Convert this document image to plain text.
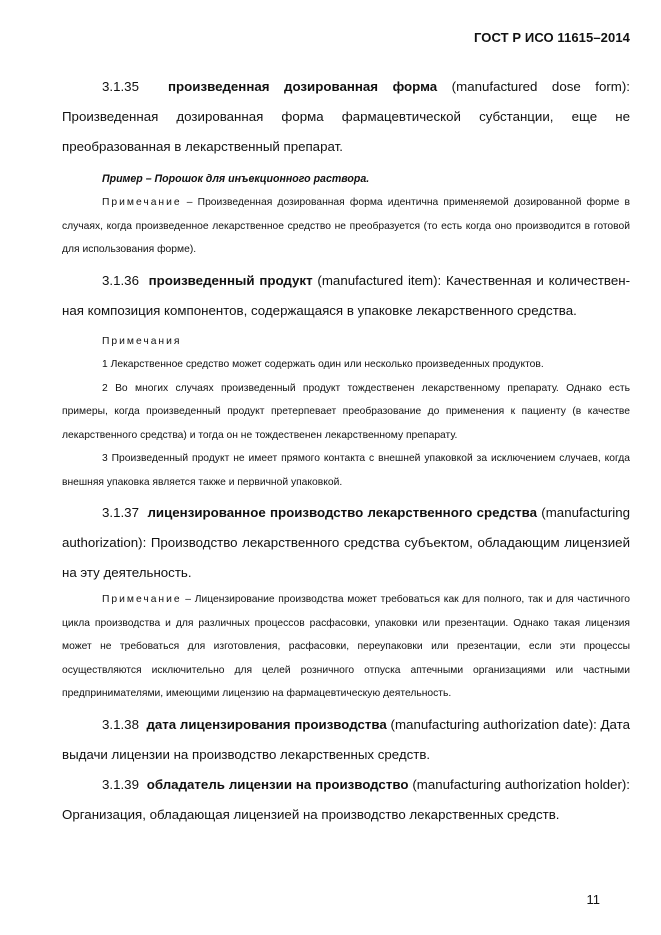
ГОСТ Р ИСО 11615–2014

3.1.35 произведенная дозированная форма (manufactured dose form): Произведенная дозированная форма фармацевтической субстанции, еще не преобразованная в лекарственный препарат.

Пример – Порошок для инъекционного раствора.

Примечание – Произведенная дозированная форма идентична применяемой дозированной форме в случаях, когда произведенное лекарственное средство не преобразуется (то есть когда оно производится в готовой для использования форме).

3.1.36 произведенный продукт (manufactured item): Качественная и количествен-ная композиция компонентов, содержащаяся в упаковке лекарственного средства.

Примечания

1 Лекарственное средство может содержать один или несколько произведенных продуктов.

2 Во многих случаях произведенный продукт тождественен лекарственному препарату. Однако есть примеры, когда произведенный продукт претерпевает преобразование до применения к пациенту (в качестве лекарственного средства) и тогда он не тождественен лекарственному препарату.

3 Произведенный продукт не имеет прямого контакта с внешней упаковкой за исключением случаев, когда внешняя упаковка является также и первичной упаковкой.

3.1.37 лицензированное производство лекарственного средства (manufacturing authorization): Производство лекарственного средства субъектом, обладающим лицензией на эту деятельность.

Примечание – Лицензирование производства может требоваться как для полного, так и для частичного цикла производства и для различных процессов расфасовки, упаковки или презентации. Однако такая лицензия может не требоваться для изготовления, расфасовки, переупаковки или презентации, если эти процессы осуществляются исключительно для целей розничного отпуска аптечными организациями или частными предпринимателями, имеющими лицензию на фармацевтическую деятельность.

3.1.38 дата лицензирования производства (manufacturing authorization date): Дата выдачи лицензии на производство лекарственных средств.

3.1.39 обладатель лицензии на производство (manufacturing authorization holder): Организация, обладающая лицензией на производство лекарственных средств.

11
